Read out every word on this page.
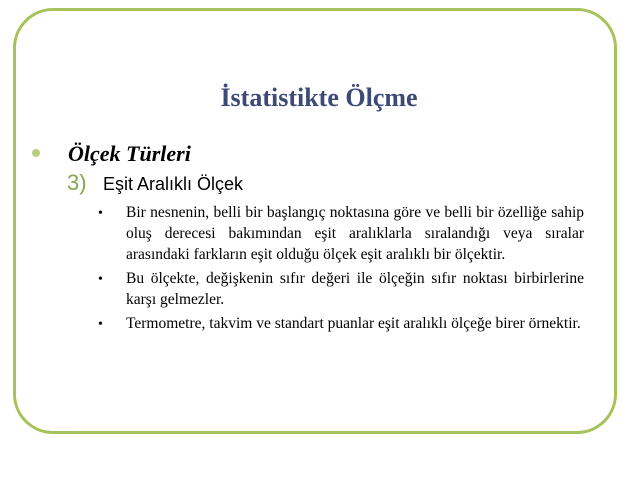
İstatistikte Ölçme
Ölçek Türleri
3) Eşit Aralıklı Ölçek
• Bir nesnenin, belli bir başlangıç noktasına göre ve belli bir özelliğe sahip oluş derecesi bakımından eşit aralıklarla sıralandığı veya sıralar arasındaki farkların eşit olduğu ölçek eşit aralıklı bir ölçektir.
• Bu ölçekte, değişkenin sıfır değeri ile ölçeğin sıfır noktası birbirlerine karşı gelmezler.
• Termometre, takvim ve standart puanlar eşit aralıklı ölçeğe birer örnektir.
